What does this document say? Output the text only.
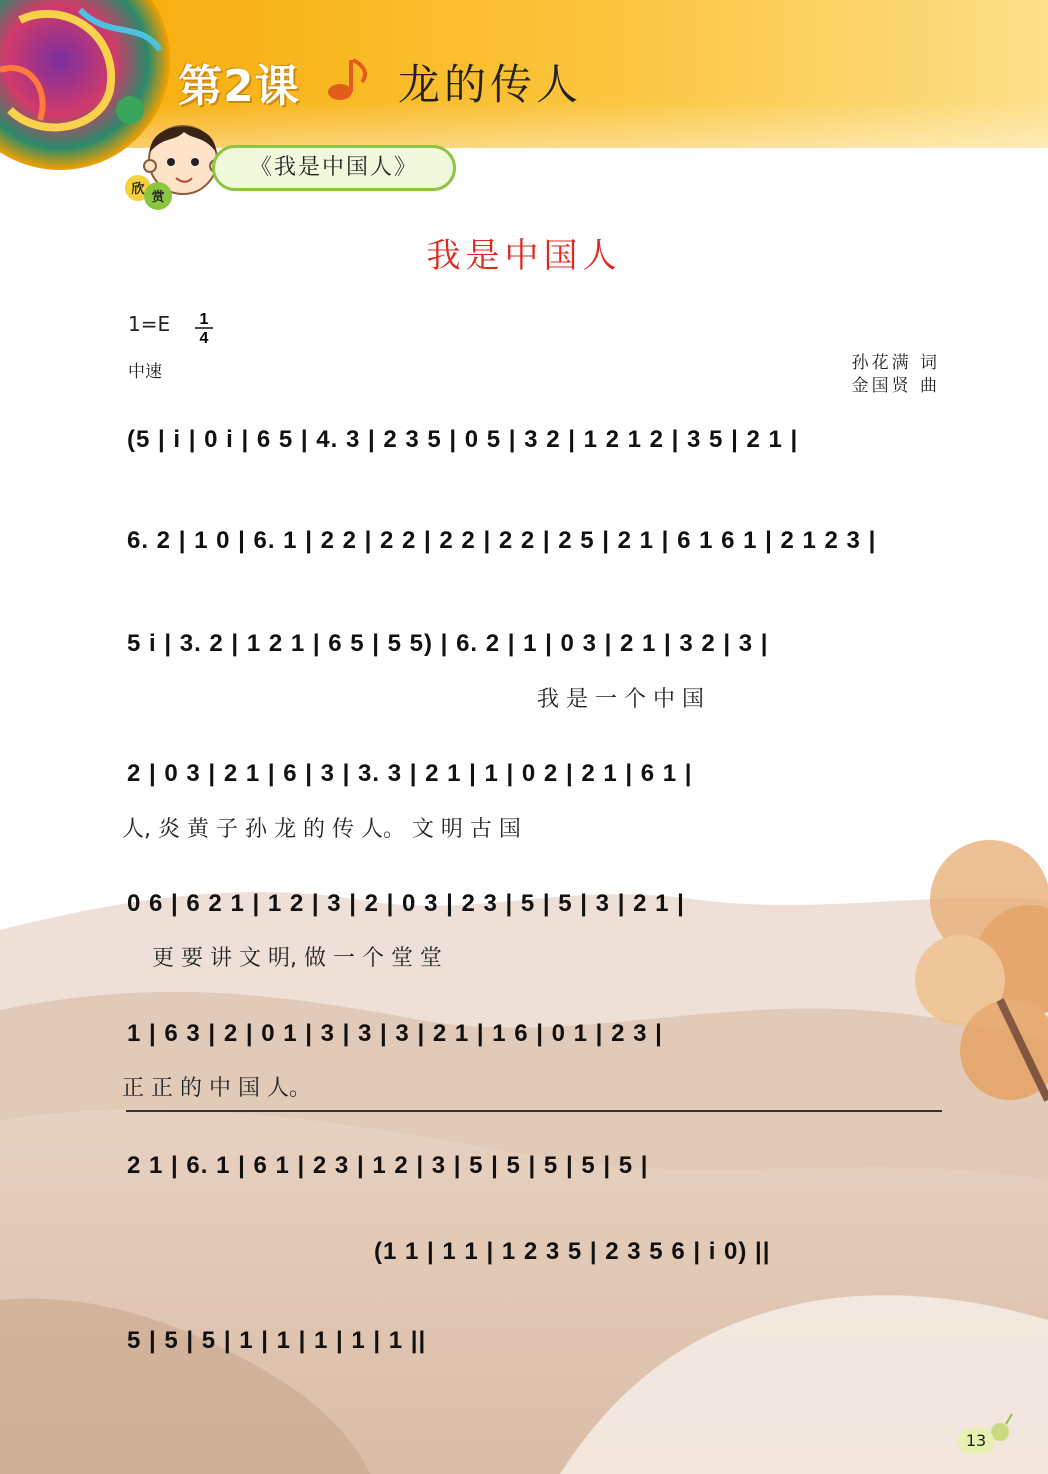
第2课 龙的传人
《我是中国人》
欣
赏
我是中国人
1=E 1
4
中速	孙花满 词
金国贤 曲
(5 | i | 0 i | 6 5 | 4. 3 | 2 3 5 | 0 5 | 3 2 | 1 2 1 2 | 3 5 | 2 1 |
6. 2 | 1 0 | 6. 1 | 2 2 | 2 2 | 2 2 | 2 2 | 2 5 | 2 1 | 6 1 6 1 | 2 1 2 3 |
5 i | 3. 2 | 1 2 1 | 6 5 | 5 5) | 6. 2 | 1 | 0 3 | 2 1 | 3 2 | 3 |
我 是 一 个 中 国
2 | 0 3 | 2 1 | 6 | 3 | 3. 3 | 2 1 | 1 | 0 2 | 2 1 | 6 1 |
人, 炎 黄 子 孙 龙 的 传 人。 文 明 古 国
0 6 | 6 2 1 | 1 2 | 3 | 2 | 0 3 | 2 3 | 5 | 5 | 3 | 2 1 |
更 要 讲 文 明, 做 一 个 堂 堂
1 | 6 3 | 2 | 0 1 | 3 | 3 | 3 | 2 1 | 1 6 | 0 1 | 2 3 |
正 正 的 中 国 人。
2 1 | 6. 1 | 6 1 | 2 3 | 1 2 | 3 | 5 | 5 | 5 | 5 | 5 |
(1 1 | 1 1 | 1 2 3 5 | 2 3 5 6 | i 0) ||
5 | 5 | 5 | 1 | 1 | 1 | 1 | 1 ||
13
